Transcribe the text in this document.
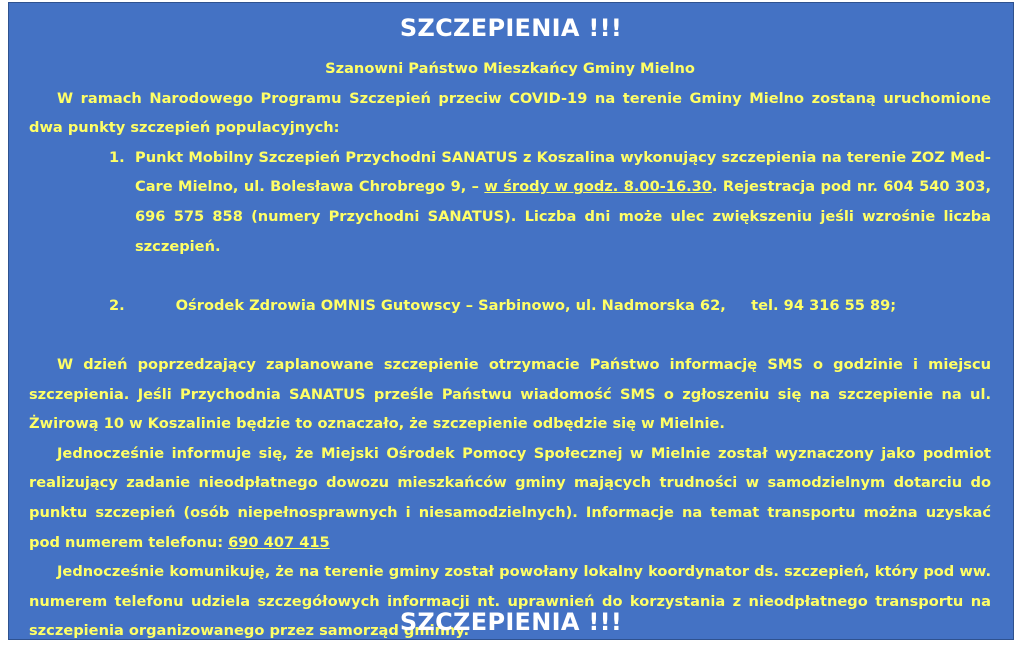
SZCZEPIENIA !!!
Szanowni Państwo Mieszkańcy Gminy Mielno
W ramach Narodowego Programu Szczepień przeciw COVID-19 na terenie Gminy Mielno zostaną uruchomione dwa punkty szczepień populacyjnych:
1. Punkt Mobilny Szczepień Przychodni SANATUS z Koszalina wykonujący szczepienia na terenie ZOZ Med-Care Mielno, ul. Bolesława Chrobrego 9, – w środy w godz. 8.00-16.30. Rejestracja pod nr. 604 540 303, 696 575 858 (numery Przychodni SANATUS). Liczba dni może ulec zwiększeniu jeśli wzrośnie liczba szczepień.

2.	Ośrodek Zdrowia OMNIS Gutowscy – Sarbinowo, ul. Nadmorska 62,     tel. 94 316 55 89;

W dzień poprzedzający zaplanowane szczepienie otrzymacie Państwo informację SMS o godzinie i miejscu szczepienia. Jeśli Przychodnia SANATUS prześle Państwu wiadomość SMS o zgłoszeniu się na szczepienie na ul. Żwirową 10 w Koszalinie będzie to oznaczało, że szczepienie odbędzie się w Mielnie.
Jednocześnie informuje się, że Miejski Ośrodek Pomocy Społecznej w Mielnie został wyznaczony jako podmiot realizujący zadanie nieodpłatnego dowozu mieszkańców gminy mających trudności w samodzielnym dotarciu do punktu szczepień (osób niepełnosprawnych i niesamodzielnych). Informacje na temat transportu można uzyskać pod numerem telefonu: 690 407 415
Jednocześnie komunikuję, że na terenie gminy został powołany lokalny koordynator ds. szczepień, który pod ww. numerem telefonu udziela szczegółowych informacji nt. uprawnień do korzystania z nieodpłatnego transportu na szczepienia organizowanego przez samorząd gminny.
SZCZEPIENIA !!!
